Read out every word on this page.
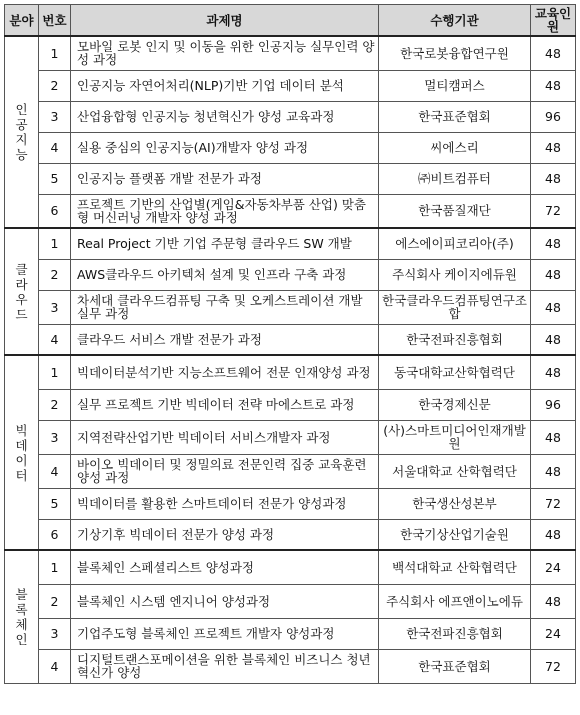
분야	번호	과제명	수행기관	교육인원

인
공
지
능	1	모바일 로봇 인지 및 이동을 위한 인공지능 실무인력 양성 과정	한국로봇융합연구원	48
	2	인공지능 자연어처리(NLP)기반 기업 데이터 분석	멀티캠퍼스	48
	3	산업융합형 인공지능 청년혁신가 양성 교육과정	한국표준협회	96
	4	실용 중심의 인공지능(AI)개발자 양성 과정	씨에스리	48
	5	인공지능 플랫폼 개발 전문가 과정	㈜비트컴퓨터	48
	6	프로젝트 기반의 산업별(게임&자동차부품 산업) 맞춤형 머신러닝 개발자 양성 과정	한국품질재단	72

클
라
우
드	1	Real Project 기반 기업 주문형 클라우드 SW 개발	에스에이피코리아(주)	48
	2	AWS클라우드 아키텍처 설계 및 인프라 구축 과정	주식회사 케이지에듀원	48
	3	차세대 클라우드컴퓨팅 구축 및 오케스트레이션 개발 실무 과정	한국클라우드컴퓨팅연구조합	48
	4	클라우드 서비스 개발 전문가 과정	한국전파진흥협회	48

빅
데
이
터	1	빅데이터분석기반 지능소프트웨어 전문 인재양성 과정	동국대학교산학협력단	48
	2	실무 프로젝트 기반 빅데이터 전략 마에스트로 과정	한국경제신문	96
	3	지역전략산업기반 빅데이터 서비스개발자 과정	(사)스마트미디어인재개발원	48
	4	바이오 빅데이터 및 정밀의료 전문인력 집중 교육훈련 양성 과정	서울대학교 산학협력단	48
	5	빅데이터를 활용한 스마트데이터 전문가 양성과정	한국생산성본부	72
	6	기상기후 빅데이터 전문가 양성 과정	한국기상산업기술원	48

블
록
체
인	1	블록체인 스페셜리스트 양성과정	백석대학교 산학협력단	24
	2	블록체인 시스템 엔지니어 양성과정	주식회사 에프앤이노에듀	48
	3	기업주도형 블록체인 프로젝트 개발자 양성과정	한국전파진흥협회	24
	4	디지털트랜스포메이션을 위한 블록체인 비즈니스 청년혁신가 양성	한국표준협회	72
